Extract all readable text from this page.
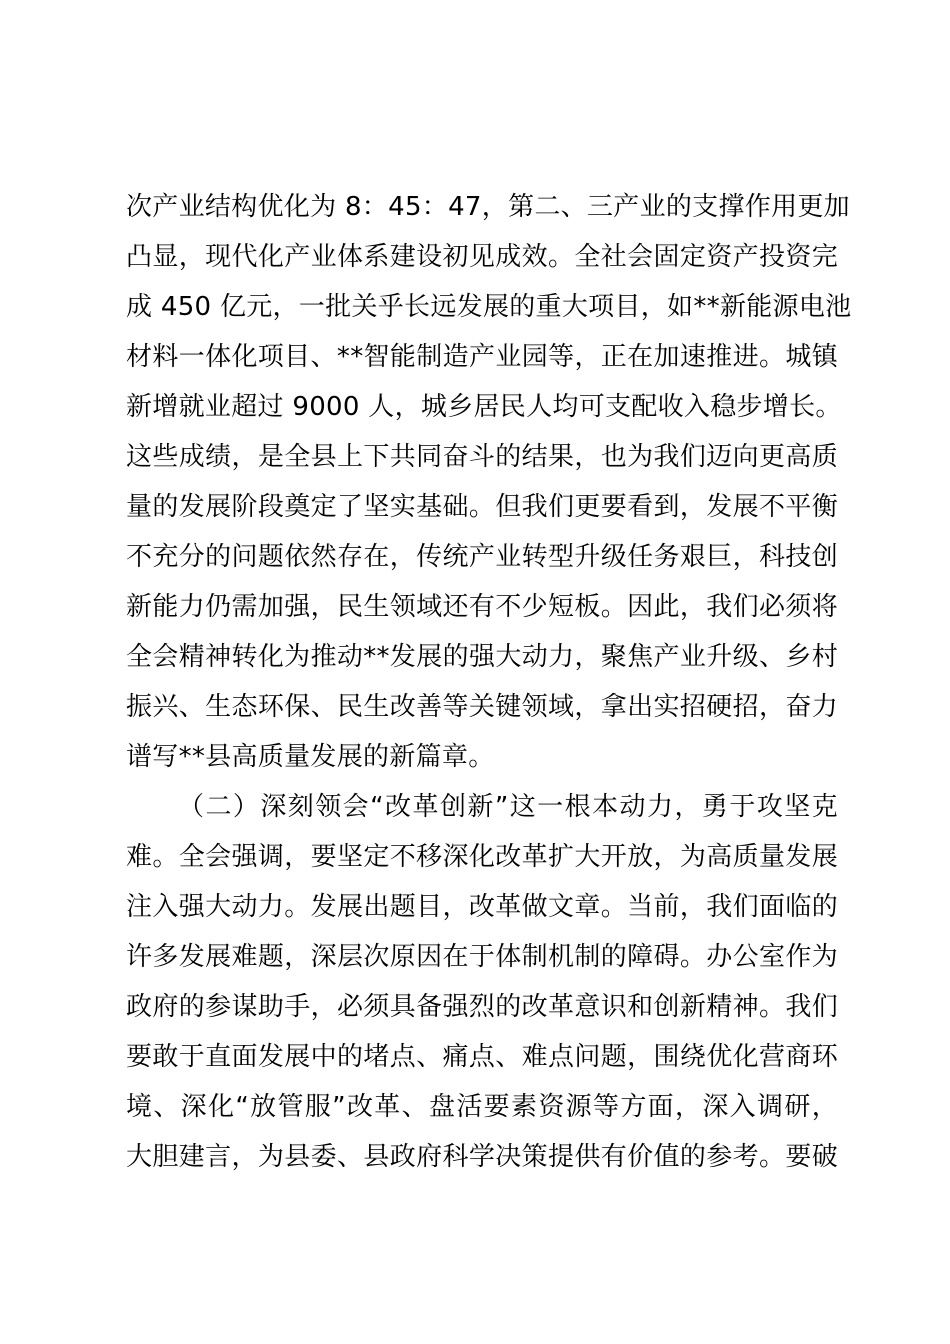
次产业结构优化为 8：45：47，第二、三产业的支撑作用更加
凸显，现代化产业体系建设初见成效。全社会固定资产投资完
成 450 亿元，一批关乎长远发展的重大项目，如**新能源电池
材料一体化项目、**智能制造产业园等，正在加速推进。城镇
新增就业超过 9000 人，城乡居民人均可支配收入稳步增长。
这些成绩，是全县上下共同奋斗的结果，也为我们迈向更高质
量的发展阶段奠定了坚实基础。但我们更要看到，发展不平衡
不充分的问题依然存在，传统产业转型升级任务艰巨，科技创
新能力仍需加强，民生领域还有不少短板。因此，我们必须将
全会精神转化为推动**发展的强大动力，聚焦产业升级、乡村
振兴、生态环保、民生改善等关键领域，拿出实招硬招，奋力
谱写**县高质量发展的新篇章。
（二）深刻领会“改革创新”这一根本动力，勇于攻坚克
难。全会强调，要坚定不移深化改革扩大开放，为高质量发展
注入强大动力。发展出题目，改革做文章。当前，我们面临的
许多发展难题，深层次原因在于体制机制的障碍。办公室作为
政府的参谋助手，必须具备强烈的改革意识和创新精神。我们
要敢于直面发展中的堵点、痛点、难点问题，围绕优化营商环
境、深化“放管服”改革、盘活要素资源等方面，深入调研，
大胆建言，为县委、县政府科学决策提供有价值的参考。要破
